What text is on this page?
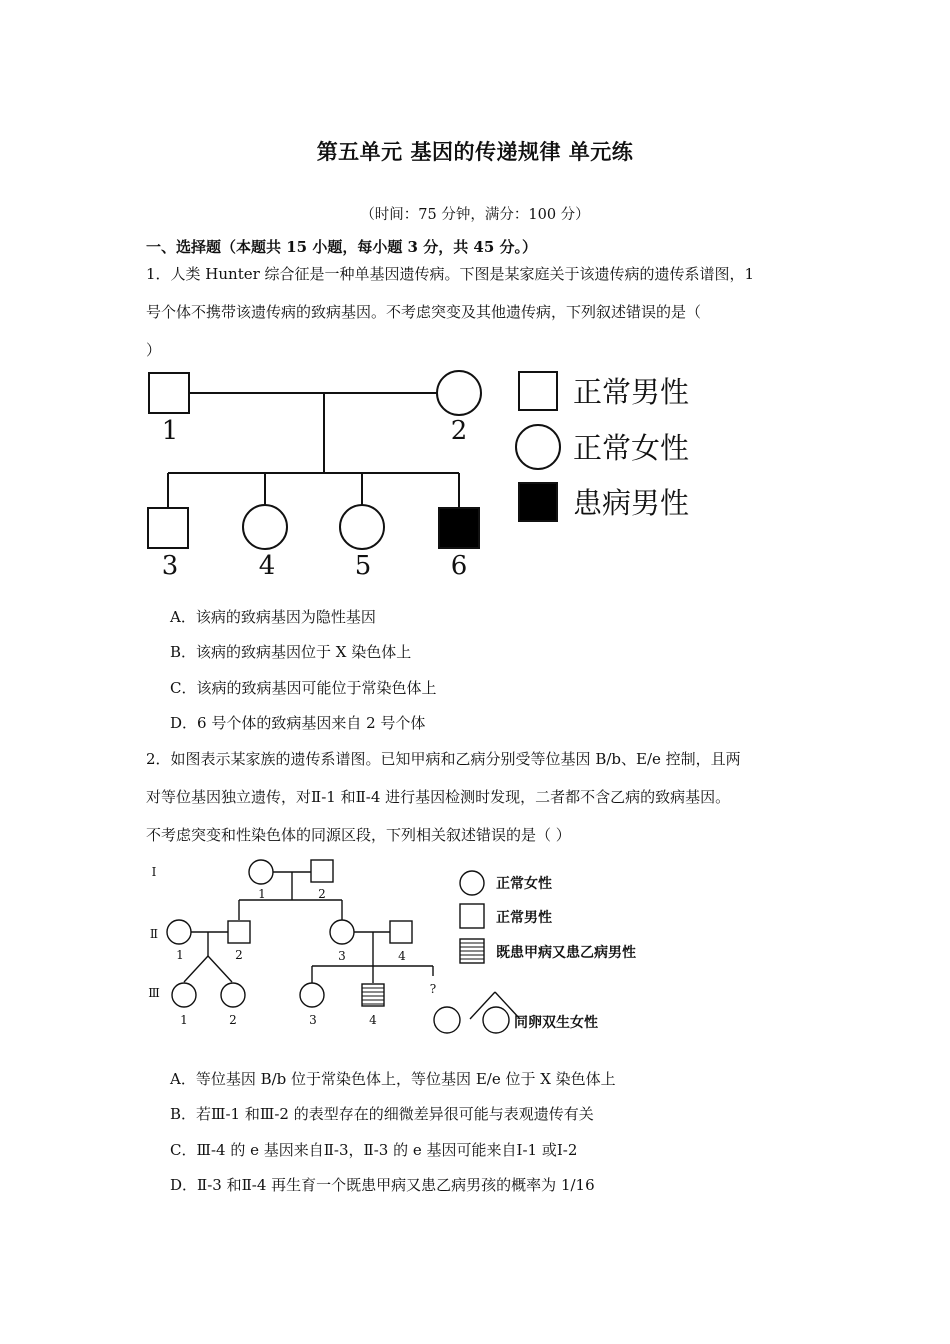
第五单元 基因的传递规律 单元练
（时间：75 分钟，满分：100 分）
一、选择题（本题共 15 小题，每小题 3 分，共 45 分。）
1．人类 Hunter 综合征是一种单基因遗传病。下图是某家庭关于该遗传病的遗传系谱图，1
号个体不携带该遗传病的致病基因。不考虑突变及其他遗传病，下列叙述错误的是（
）
1	2
3	4	5	6
正常男性
正常女性
患病男性
A．该病的致病基因为隐性基因
B．该病的致病基因位于 X 染色体上
C．该病的致病基因可能位于常染色体上
D．6 号个体的致病基因来自 2 号个体
2．如图表示某家族的遗传系谱图。已知甲病和乙病分别受等位基因 B/b、E/e 控制，且两
对等位基因独立遗传，对Ⅱ-1 和Ⅱ-4 进行基因检测时发现，二者都不含乙病的致病基因。
不考虑突变和性染色体的同源区段，下列相关叙述错误的是（ ）
Ⅰ
Ⅱ
Ⅲ
1	2
1	2	3	4
1	2	3	4
?
正常女性
正常男性
既患甲病又患乙病男性
同卵双生女性
A．等位基因 B/b 位于常染色体上，等位基因 E/e 位于 X 染色体上
B．若Ⅲ-1 和Ⅲ-2 的表型存在的细微差异很可能与表观遗传有关
C．Ⅲ-4 的 e 基因来自Ⅱ-3，Ⅱ-3 的 e 基因可能来自Ⅰ-1 或Ⅰ-2
D．Ⅱ-3 和Ⅱ-4 再生育一个既患甲病又患乙病男孩的概率为 1/16
